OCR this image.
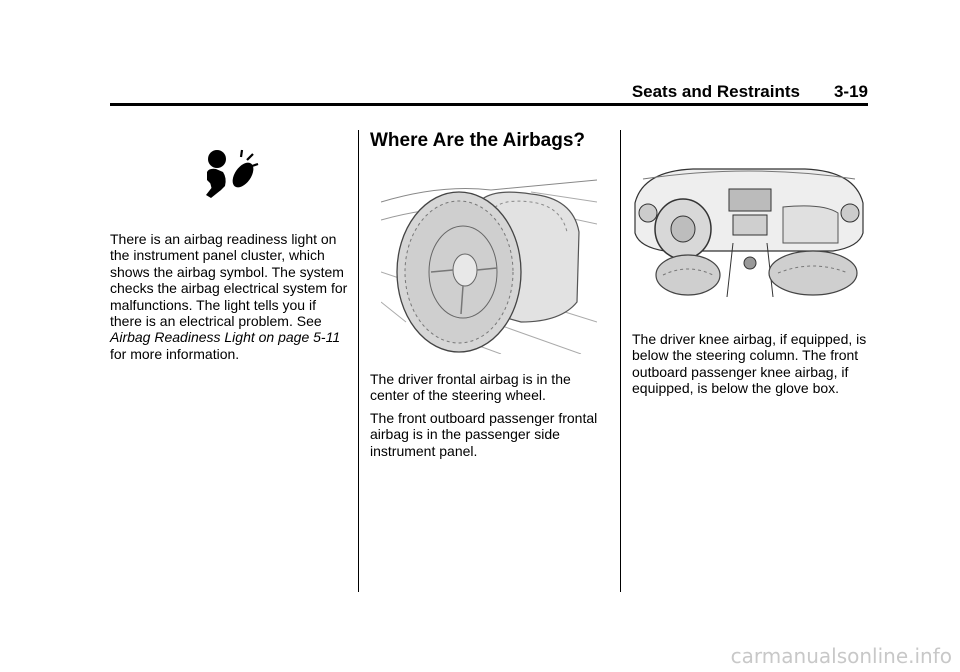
Seats and Restraints 3-19

There is an airbag readiness light on the instrument panel cluster, which shows the airbag symbol. The system checks the airbag electrical system for malfunctions. The light tells you if there is an electrical problem. See Airbag Readiness Light on page 5-11 for more information.

Where Are the Airbags?

The driver frontal airbag is in the center of the steering wheel.

The front outboard passenger frontal airbag is in the passenger side instrument panel.

The driver knee airbag, if equipped, is below the steering column. The front outboard passenger knee airbag, if equipped, is below the glove box.

carmanualsonline.info
